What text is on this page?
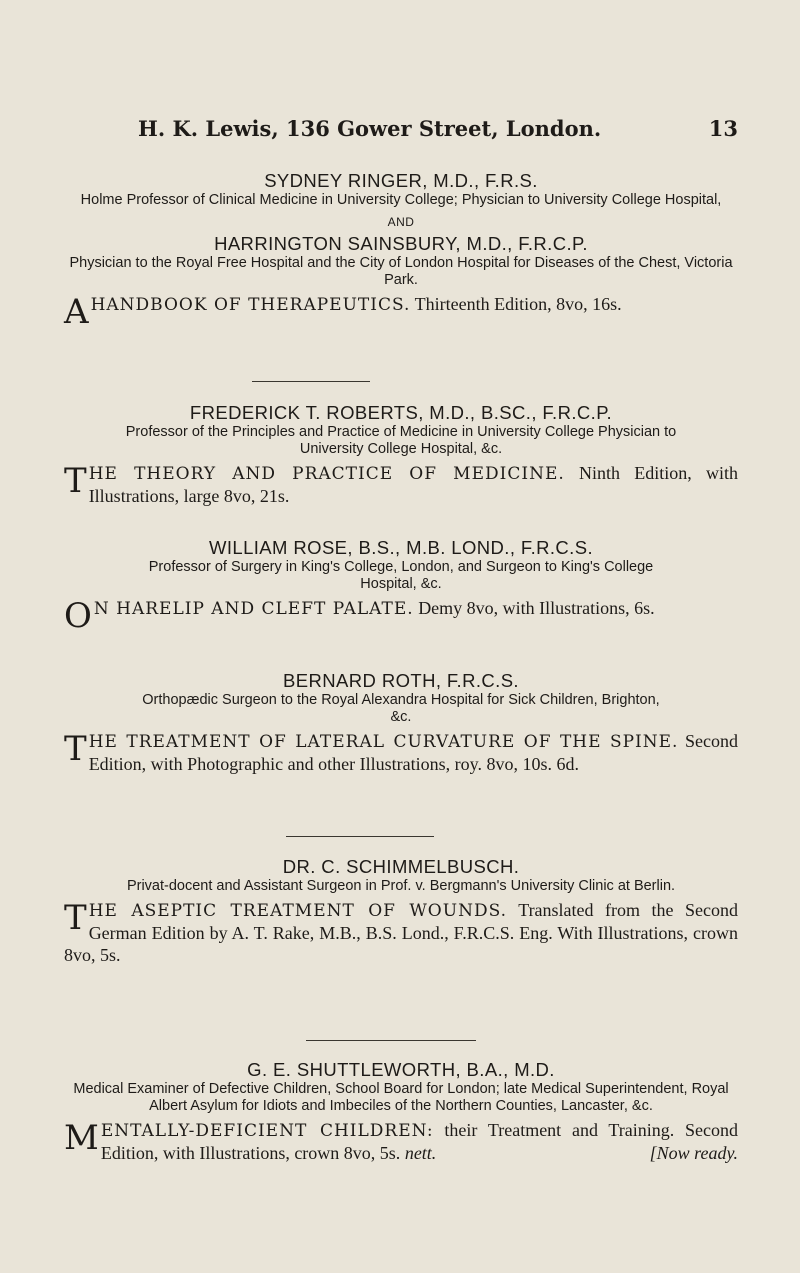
H. K. Lewis, 136 Gower Street, London.	13

SYDNEY RINGER, M.D., F.R.S.

Holme Professor of Clinical Medicine in University College; Physician to University College Hospital,

AND

HARRINGTON SAINSBURY, M.D., F.R.C.P.

Physician to the Royal Free Hospital and the City of London Hospital for Diseases of the Chest, Victoria Park.

A HANDBOOK OF THERAPEUTICS. Thirteenth Edition, 8vo, 16s.

FREDERICK T. ROBERTS, M.D., B.SC., F.R.C.P.

Professor of the Principles and Practice of Medicine in University College Physician to University College Hospital, &c.

T HE THEORY AND PRACTICE OF MEDICINE. Ninth Edition, with Illustrations, large 8vo, 21s.

WILLIAM ROSE, B.S., M.B. LOND., F.R.C.S.

Professor of Surgery in King's College, London, and Surgeon to King's College Hospital, &c.

O N HARELIP AND CLEFT PALATE. Demy 8vo, with Illustrations, 6s.

BERNARD ROTH, F.R.C.S.

Orthopædic Surgeon to the Royal Alexandra Hospital for Sick Children, Brighton, &c.

T HE TREATMENT OF LATERAL CURVATURE OF THE SPINE. Second Edition, with Photographic and other Illustrations, roy. 8vo, 10s. 6d.

DR. C. SCHIMMELBUSCH.

Privat-docent and Assistant Surgeon in Prof. v. Bergmann's University Clinic at Berlin.

T HE ASEPTIC TREATMENT OF WOUNDS. Translated from the Second German Edition by A. T. Rake, M.B., B.S. Lond., F.R.C.S. Eng. With Illustrations, crown 8vo, 5s.

G. E. SHUTTLEWORTH, B.A., M.D.

Medical Examiner of Defective Children, School Board for London; late Medical Superintendent, Royal Albert Asylum for Idiots and Imbeciles of the Northern Counties, Lancaster, &c.

M ENTALLY-DEFICIENT CHILDREN: their Treatment and Training. Second Edition, with Illustrations, crown 8vo, 5s. nett.	[Now ready.
